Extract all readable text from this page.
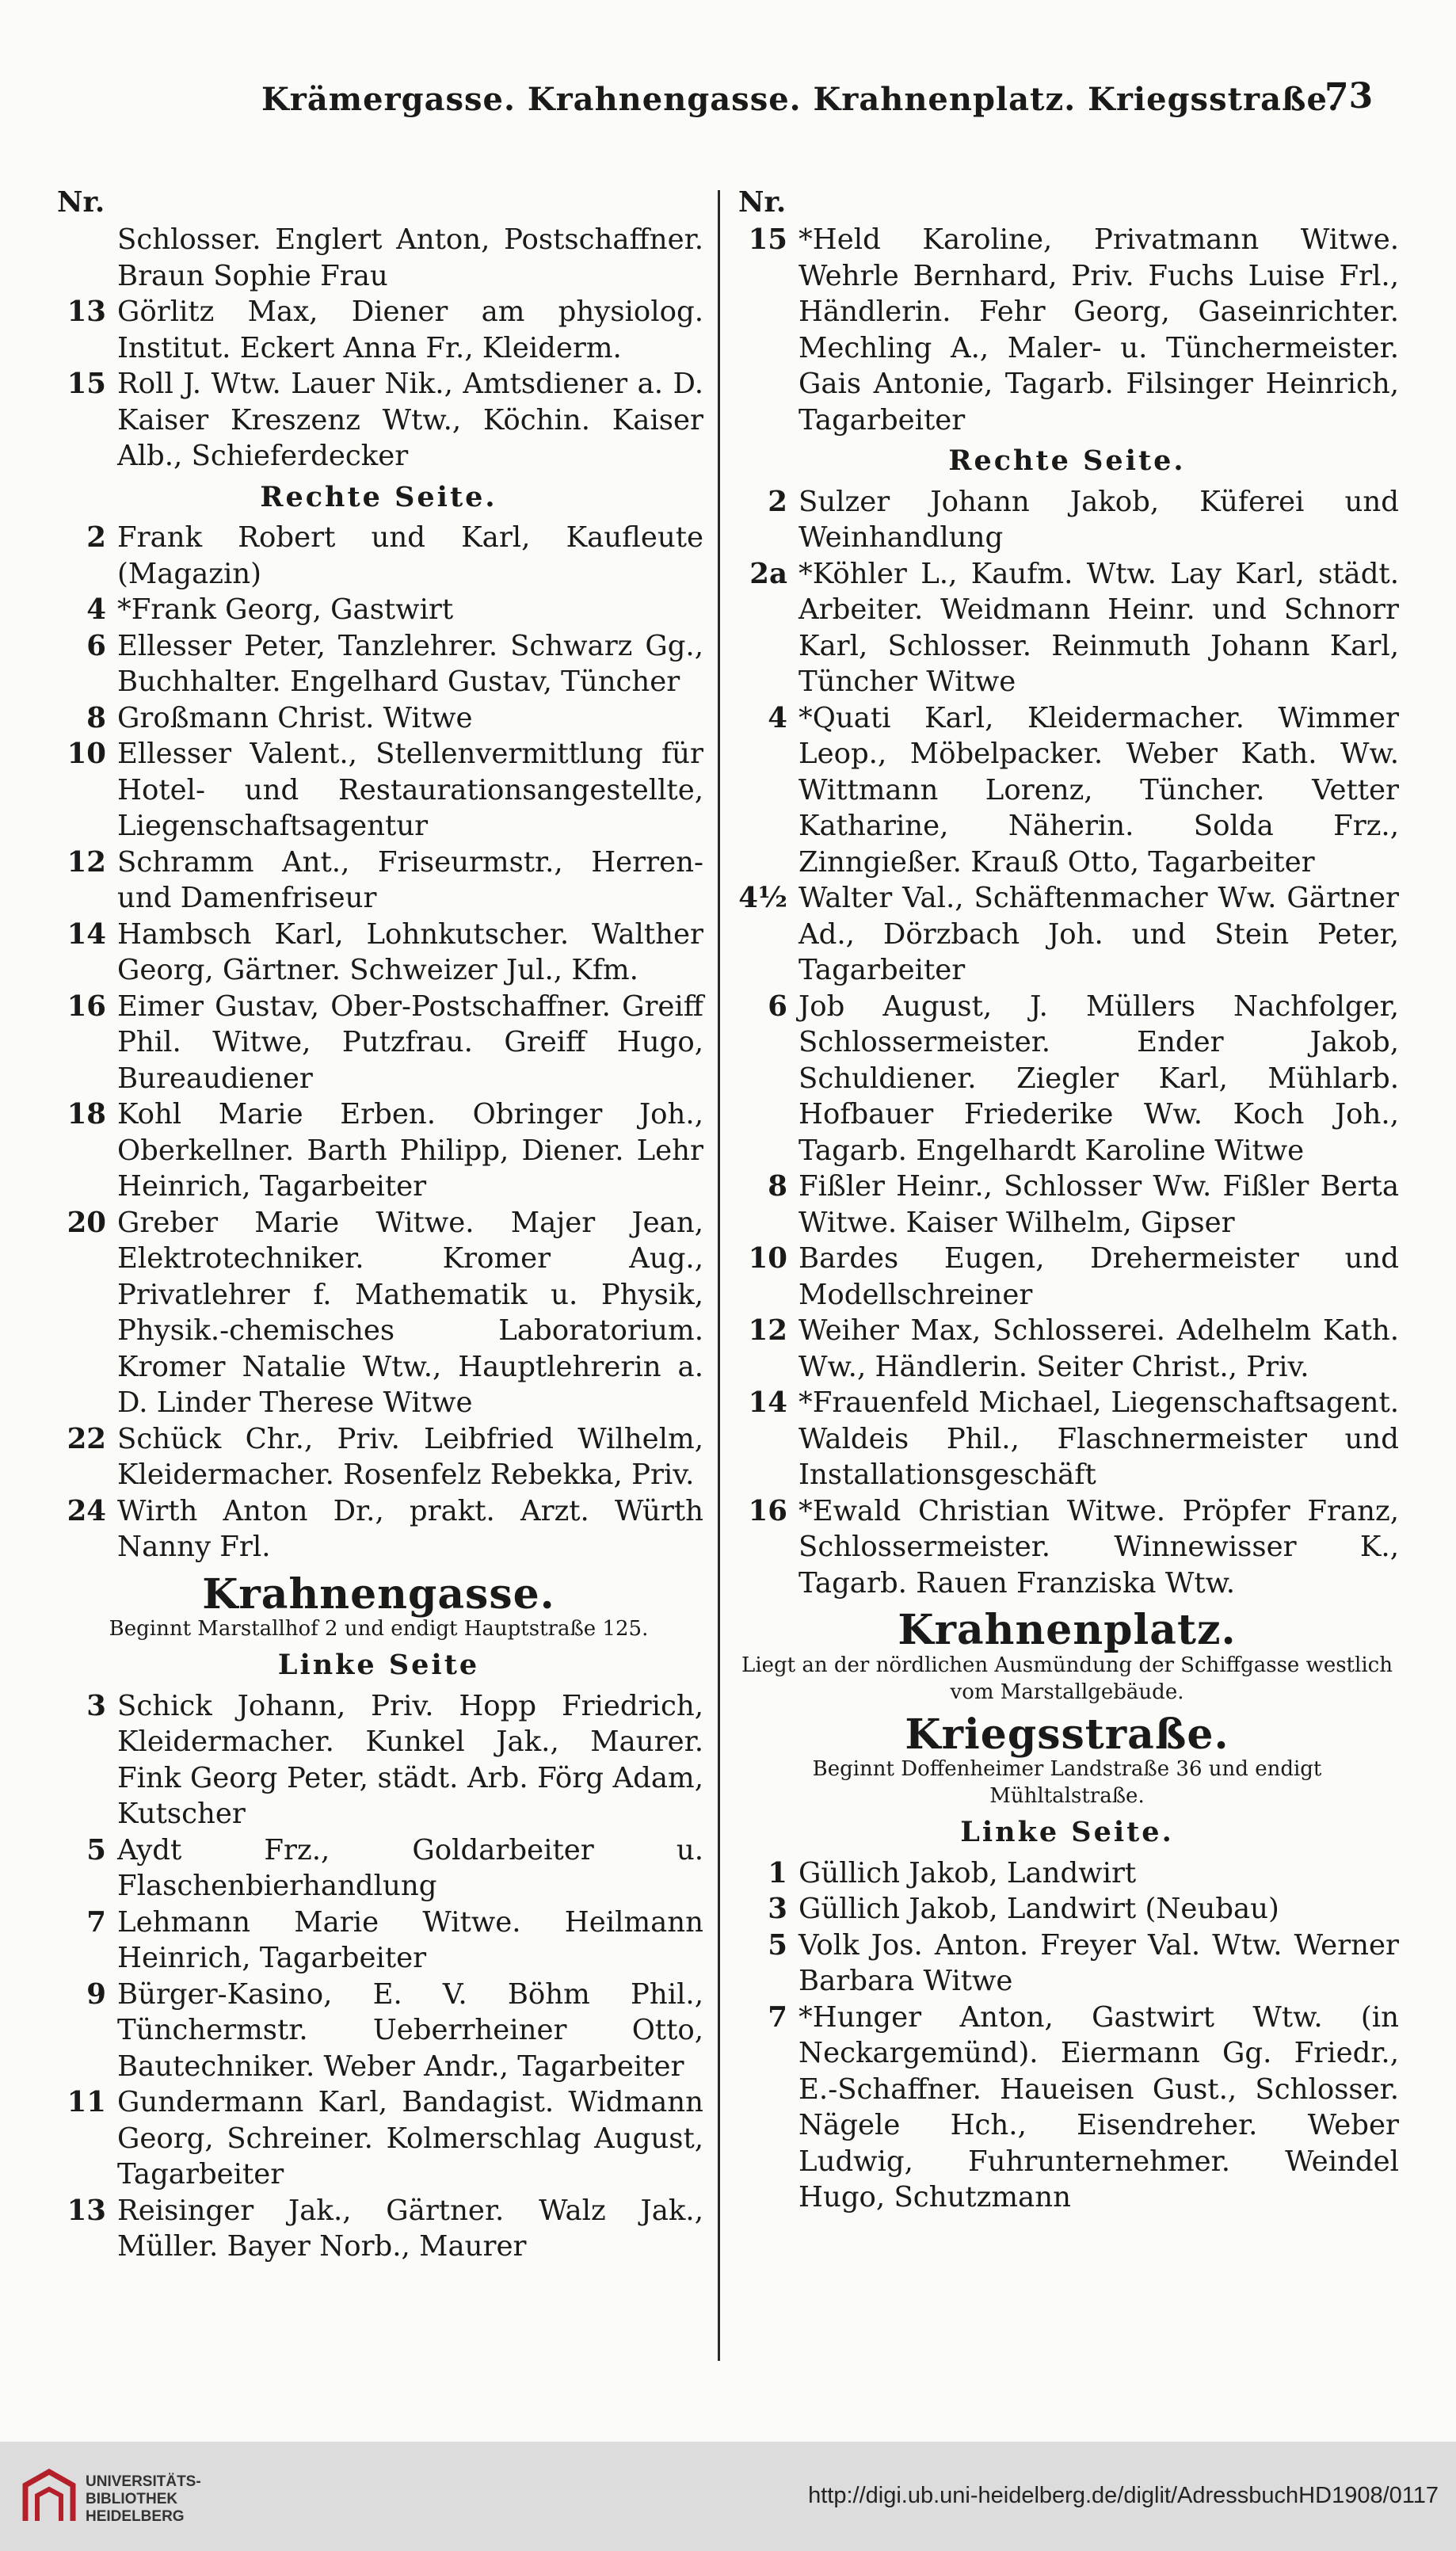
Krämergasse. Krahnengasse. Krahnenplatz. Kriegsstraße.
73
Nr.
Schlosser. Englert Anton, Postschaffner. Braun Sophie Frau
13 Görlitz Max, Diener am physiolog. Institut. Eckert Anna Fr., Kleiderm.
15 Roll J. Wtw. Lauer Nik., Amtsdiener a. D. Kaiser Kreszenz Wtw., Köchin. Kaiser Alb., Schieferdecker
Rechte Seite.
2 Frank Robert und Karl, Kaufleute (Magazin)
4 *Frank Georg, Gastwirt
6 Ellesser Peter, Tanzlehrer. Schwarz Gg., Buchhalter. Engelhard Gustav, Tüncher
8 Großmann Christ. Witwe
10 Ellesser Valent., Stellenvermittlung für Hotel- und Restaurationsangestellte, Liegenschaftsagentur
12 Schramm Ant., Friseurmstr., Herren- und Damenfriseur
14 Hambsch Karl, Lohnkutscher. Walther Georg, Gärtner. Schweizer Jul., Kfm.
16 Eimer Gustav, Ober-Postschaffner. Greiff Phil. Witwe, Putzfrau. Greiff Hugo, Bureaudiener
18 Kohl Marie Erben. Obringer Joh., Oberkellner. Barth Philipp, Diener. Lehr Heinrich, Tagarbeiter
20 Greber Marie Witwe. Majer Jean, Elektrotechniker. Kromer Aug., Privatlehrer f. Mathematik u. Physik, Physik.-chemisches Laboratorium. Kromer Natalie Wtw., Hauptlehrerin a. D. Linder Therese Witwe
22 Schück Chr., Priv. Leibfried Wilhelm, Kleidermacher. Rosenfelz Rebekka, Priv.
24 Wirth Anton Dr., prakt. Arzt. Würth Nanny Frl.
Krahnengasse.
Beginnt Marstallhof 2 und endigt Hauptstraße 125.
Linke Seite
3 Schick Johann, Priv. Hopp Friedrich, Kleidermacher. Kunkel Jak., Maurer. Fink Georg Peter, städt. Arb. Förg Adam, Kutscher
5 Aydt Frz., Goldarbeiter u. Flaschenbierhandlung
7 Lehmann Marie Witwe. Heilmann Heinrich, Tagarbeiter
9 Bürger-Kasino, E. V. Böhm Phil., Tünchermstr. Ueberrheiner Otto, Bautechniker. Weber Andr., Tagarbeiter
11 Gundermann Karl, Bandagist. Widmann Georg, Schreiner. Kolmerschlag August, Tagarbeiter
13 Reisinger Jak., Gärtner. Walz Jak., Müller. Bayer Norb., Maurer
Nr.
15 *Held Karoline, Privatmann Witwe. Wehrle Bernhard, Priv. Fuchs Luise Frl., Händlerin. Fehr Georg, Gaseinrichter. Mechling A., Maler- u. Tünchermeister. Gais Antonie, Tagarb. Filsinger Heinrich, Tagarbeiter
Rechte Seite.
2 Sulzer Johann Jakob, Küferei und Weinhandlung
2a *Köhler L., Kaufm. Wtw. Lay Karl, städt. Arbeiter. Weidmann Heinr. und Schnorr Karl, Schlosser. Reinmuth Johann Karl, Tüncher Witwe
4 *Quati Karl, Kleidermacher. Wimmer Leop., Möbelpacker. Weber Kath. Ww. Wittmann Lorenz, Tüncher. Vetter Katharine, Näherin. Solda Frz., Zinngießer. Krauß Otto, Tagarbeiter
4½ Walter Val., Schäftenmacher Ww. Gärtner Ad., Dörzbach Joh. und Stein Peter, Tagarbeiter
6 Job August, J. Müllers Nachfolger, Schlossermeister. Ender Jakob, Schuldiener. Ziegler Karl, Mühlarb. Hofbauer Friederike Ww. Koch Joh., Tagarb. Engelhardt Karoline Witwe
8 Fißler Heinr., Schlosser Ww. Fißler Berta Witwe. Kaiser Wilhelm, Gipser
10 Bardes Eugen, Drehermeister und Modellschreiner
12 Weiher Max, Schlosserei. Adelhelm Kath. Ww., Händlerin. Seiter Christ., Priv.
14 *Frauenfeld Michael, Liegenschaftsagent. Waldeis Phil., Flaschnermeister und Installationsgeschäft
16 *Ewald Christian Witwe. Pröpfer Franz, Schlossermeister. Winnewisser K., Tagarb. Rauen Franziska Wtw.
Krahnenplatz.
Liegt an der nördlichen Ausmündung der Schiffgasse westlich vom Marstallgebäude.
Kriegsstraße.
Beginnt Doffenheimer Landstraße 36 und endigt Mühltalstraße.
Linke Seite.
1 Güllich Jakob, Landwirt
3 Güllich Jakob, Landwirt (Neubau)
5 Volk Jos. Anton. Freyer Val. Wtw. Werner Barbara Witwe
7 *Hunger Anton, Gastwirt Wtw. (in Neckargemünd). Eiermann Gg. Friedr., E.-Schaffner. Haueisen Gust., Schlosser. Nägele Hch., Eisendreher. Weber Ludwig, Fuhrunternehmer. Weindel Hugo, Schutzmann
UNIVERSITÄTS-
BIBLIOTHEK
HEIDELBERG
http://digi.ub.uni-heidelberg.de/diglit/AdressbuchHD1908/0117
